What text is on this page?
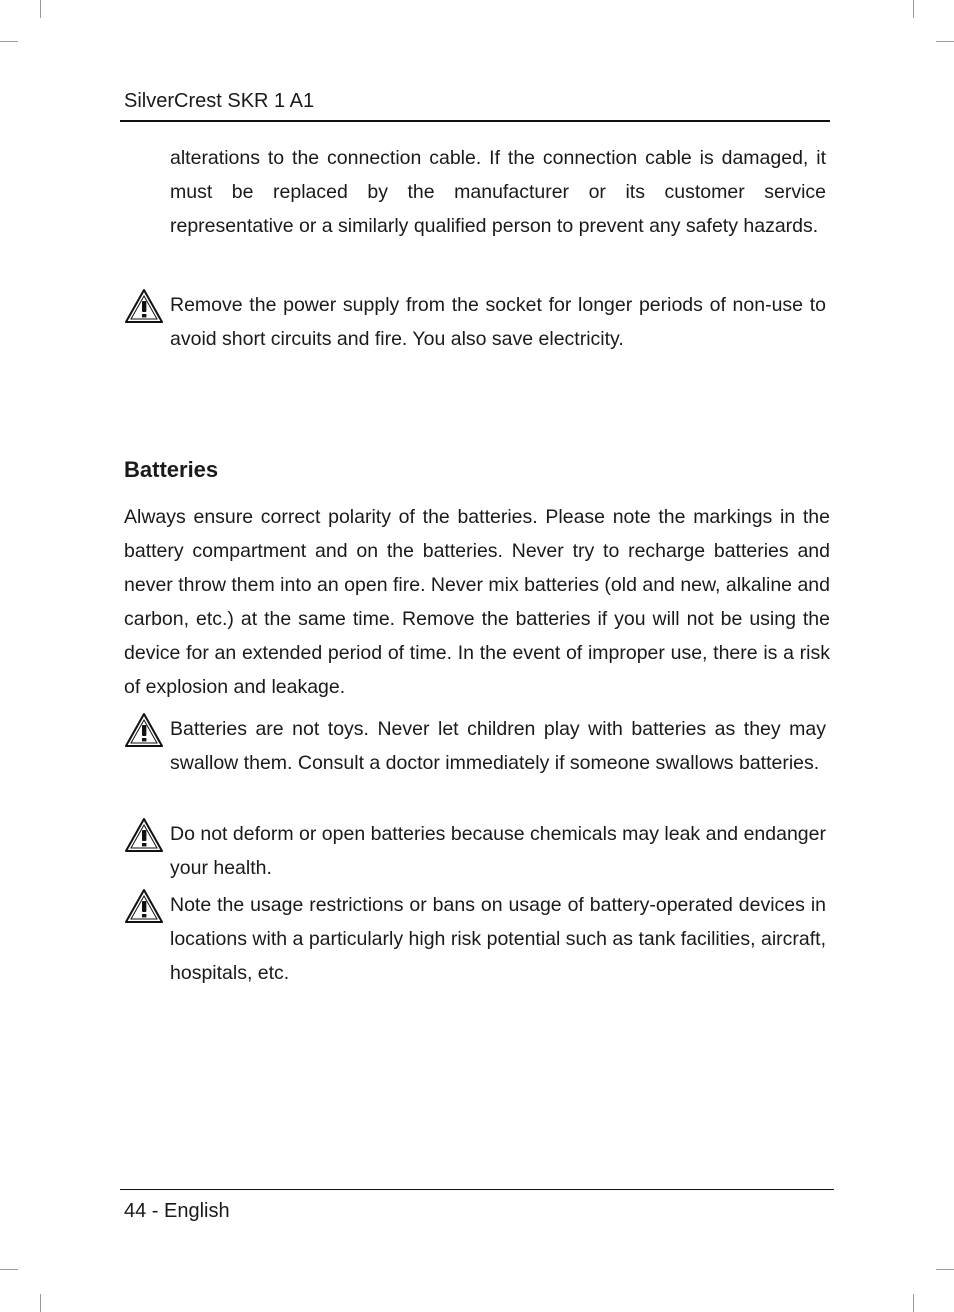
SilverCrest SKR 1 A1

alterations to the connection cable. If the connection cable is damaged, it must be replaced by the manufacturer or its customer service representative or a similarly qualified person to prevent any safety hazards.

Remove the power supply from the socket for longer periods of non-use to avoid short circuits and fire. You also save electricity.

Batteries

Always ensure correct polarity of the batteries. Please note the markings in the battery compartment and on the batteries. Never try to recharge batteries and never throw them into an open fire. Never mix batteries (old and new, alkaline and carbon, etc.) at the same time. Remove the batteries if you will not be using the device for an extended period of time. In the event of improper use, there is a risk of explosion and leakage.

Batteries are not toys. Never let children play with batteries as they may swallow them. Consult a doctor immediately if someone swallows batteries.

Do not deform or open batteries because chemicals may leak and endanger your health.

Note the usage restrictions or bans on usage of battery-operated devices in locations with a particularly high risk potential such as tank facilities, aircraft, hospitals, etc.

44 - English
